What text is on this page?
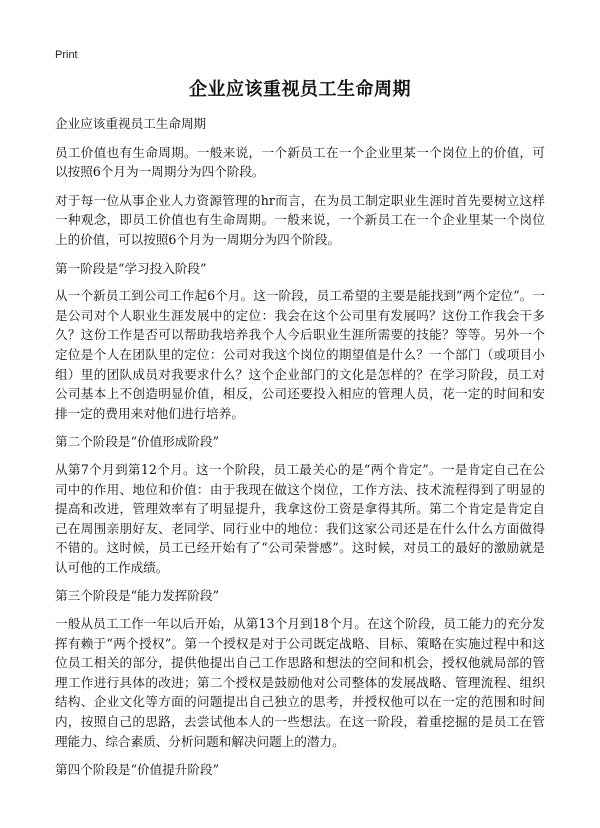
Print
企业应该重视员工生命周期

企业应该重视员工生命周期

员工价值也有生命周期。一般来说，一个新员工在一个企业里某一个岗位上的价值，可以按照6个月为一周期分为四个阶段。

对于每一位从事企业人力资源管理的hr而言，在为员工制定职业生涯时首先要树立这样一种观念，即员工价值也有生命周期。一般来说，一个新员工在一个企业里某一个岗位上的价值，可以按照6个月为一周期分为四个阶段。

第一阶段是“学习投入阶段”

从一个新员工到公司工作起6个月。这一阶段，员工希望的主要是能找到“两个定位”。一是公司对个人职业生涯发展中的定位：我会在这个公司里有发展吗？这份工作我会干多久？这份工作是否可以帮助我培养我个人今后职业生涯所需要的技能？等等。另外一个定位是个人在团队里的定位：公司对我这个岗位的期望值是什么？一个部门（或项目小组）里的团队成员对我要求什么？这个企业部门的文化是怎样的？在学习阶段，员工对公司基本上不创造明显价值，相反，公司还要投入相应的管理人员，花一定的时间和安排一定的费用来对他们进行培养。

第二个阶段是“价值形成阶段”

从第7个月到第12个月。这一个阶段，员工最关心的是“两个肯定”。一是肯定自己在公司中的作用、地位和价值：由于我现在做这个岗位，工作方法、技术流程得到了明显的提高和改进，管理效率有了明显提升，我拿这份工资是拿得其所。第二个肯定是肯定自己在周围亲朋好友、老同学、同行业中的地位：我们这家公司还是在什么什么方面做得不错的。这时候，员工已经开始有了“公司荣誉感”。这时候，对员工的最好的激励就是认可他的工作成绩。

第三个阶段是“能力发挥阶段”

一般从员工工作一年以后开始，从第13个月到18个月。在这个阶段，员工能力的充分发挥有赖于“两个授权”。第一个授权是对于公司既定战略、目标、策略在实施过程中和这位员工相关的部分，提供他提出自己工作思路和想法的空间和机会，授权他就局部的管理工作进行具体的改进；第二个授权是鼓励他对公司整体的发展战略、管理流程、组织结构、企业文化等方面的问题提出自己独立的思考，并授权他可以在一定的范围和时间内，按照自己的思路，去尝试他本人的一些想法。在这一阶段，着重挖掘的是员工在管理能力、综合素质、分析问题和解决问题上的潜力。

第四个阶段是“价值提升阶段”
